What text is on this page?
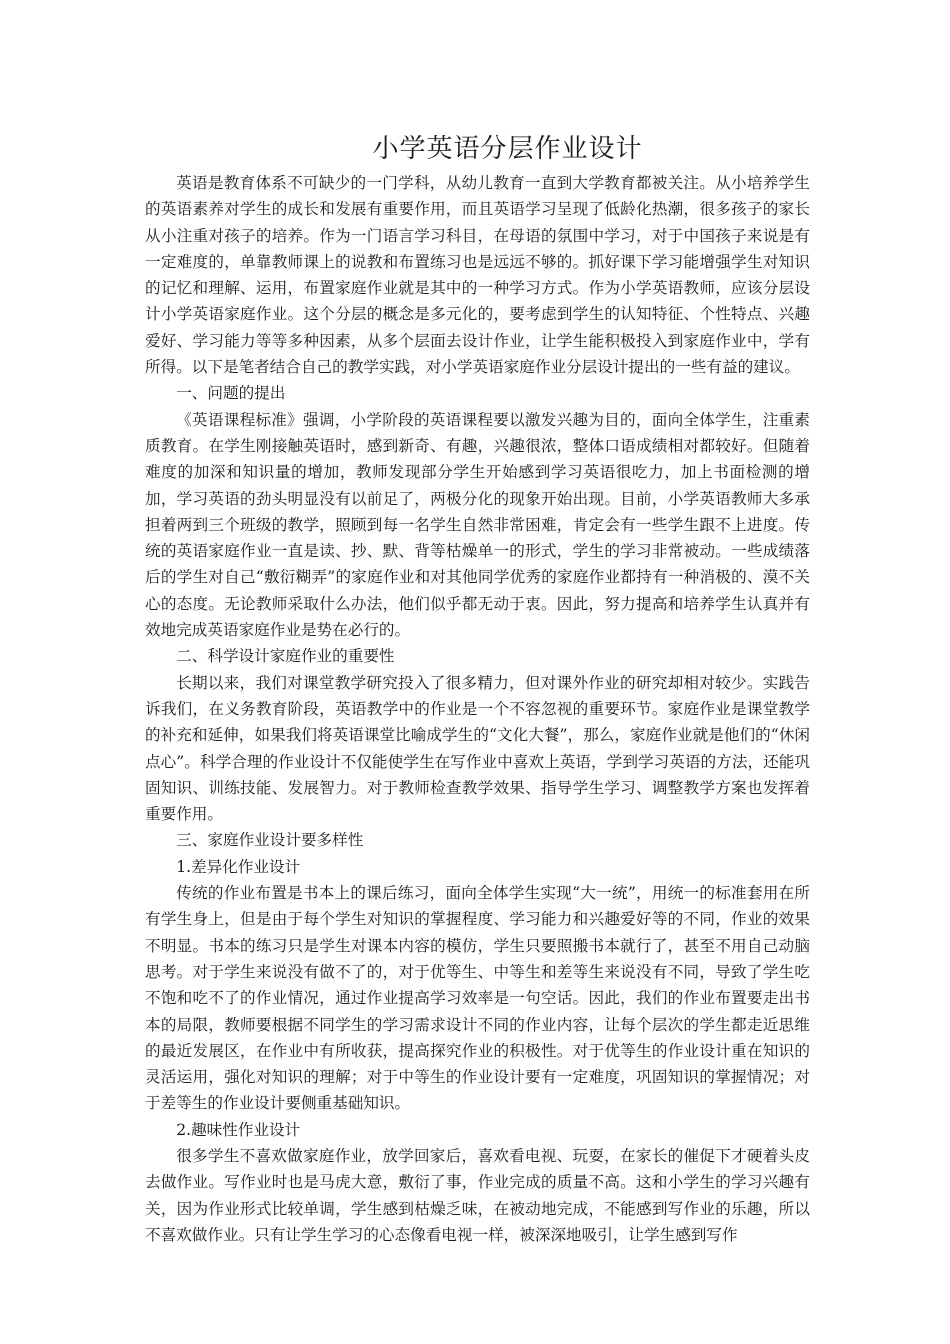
小学英语分层作业设计

英语是教育体系不可缺少的一门学科，从幼儿教育一直到大学教育都被关注。从小培养学生的英语素养对学生的成长和发展有重要作用，而且英语学习呈现了低龄化热潮，很多孩子的家长从小注重对孩子的培养。作为一门语言学习科目，在母语的氛围中学习，对于中国孩子来说是有一定难度的，单靠教师课上的说教和布置练习也是远远不够的。抓好课下学习能增强学生对知识的记忆和理解、运用，布置家庭作业就是其中的一种学习方式。作为小学英语教师，应该分层设计小学英语家庭作业。这个分层的概念是多元化的，要考虑到学生的认知特征、个性特点、兴趣爱好、学习能力等等多种因素，从多个层面去设计作业，让学生能积极投入到家庭作业中，学有所得。以下是笔者结合自己的教学实践，对小学英语家庭作业分层设计提出的一些有益的建议。

一、问题的提出

《英语课程标准》强调，小学阶段的英语课程要以激发兴趣为目的，面向全体学生，注重素质教育。在学生刚接触英语时，感到新奇、有趣，兴趣很浓，整体口语成绩相对都较好。但随着难度的加深和知识量的增加，教师发现部分学生开始感到学习英语很吃力，加上书面检测的增加，学习英语的劲头明显没有以前足了，两极分化的现象开始出现。目前，小学英语教师大多承担着两到三个班级的教学，照顾到每一名学生自然非常困难，肯定会有一些学生跟不上进度。传统的英语家庭作业一直是读、抄、默、背等枯燥单一的形式，学生的学习非常被动。一些成绩落后的学生对自己“敷衍糊弄”的家庭作业和对其他同学优秀的家庭作业都持有一种消极的、漠不关心的态度。无论教师采取什么办法，他们似乎都无动于衷。因此，努力提高和培养学生认真并有效地完成英语家庭作业是势在必行的。

二、科学设计家庭作业的重要性

长期以来，我们对课堂教学研究投入了很多精力，但对课外作业的研究却相对较少。实践告诉我们，在义务教育阶段，英语教学中的作业是一个不容忽视的重要环节。家庭作业是课堂教学的补充和延伸，如果我们将英语课堂比喻成学生的“文化大餐”，那么，家庭作业就是他们的“休闲点心”。科学合理的作业设计不仅能使学生在写作业中喜欢上英语，学到学习英语的方法，还能巩固知识、训练技能、发展智力。对于教师检查教学效果、指导学生学习、调整教学方案也发挥着重要作用。

三、家庭作业设计要多样性

1.差异化作业设计

传统的作业布置是书本上的课后练习，面向全体学生实现“大一统”，用统一的标准套用在所有学生身上，但是由于每个学生对知识的掌握程度、学习能力和兴趣爱好等的不同，作业的效果不明显。书本的练习只是学生对课本内容的模仿，学生只要照搬书本就行了，甚至不用自己动脑思考。对于学生来说没有做不了的，对于优等生、中等生和差等生来说没有不同，导致了学生吃不饱和吃不了的作业情况，通过作业提高学习效率是一句空话。因此，我们的作业布置要走出书本的局限，教师要根据不同学生的学习需求设计不同的作业内容，让每个层次的学生都走近思维的最近发展区，在作业中有所收获，提高探究作业的积极性。对于优等生的作业设计重在知识的灵活运用，强化对知识的理解；对于中等生的作业设计要有一定难度，巩固知识的掌握情况；对于差等生的作业设计要侧重基础知识。

2.趣味性作业设计

很多学生不喜欢做家庭作业，放学回家后，喜欢看电视、玩耍，在家长的催促下才硬着头皮去做作业。写作业时也是马虎大意，敷衍了事，作业完成的质量不高。这和小学生的学习兴趣有关，因为作业形式比较单调，学生感到枯燥乏味，在被动地完成，不能感到写作业的乐趣，所以不喜欢做作业。只有让学生学习的心态像看电视一样，被深深地吸引，让学生感到写作
